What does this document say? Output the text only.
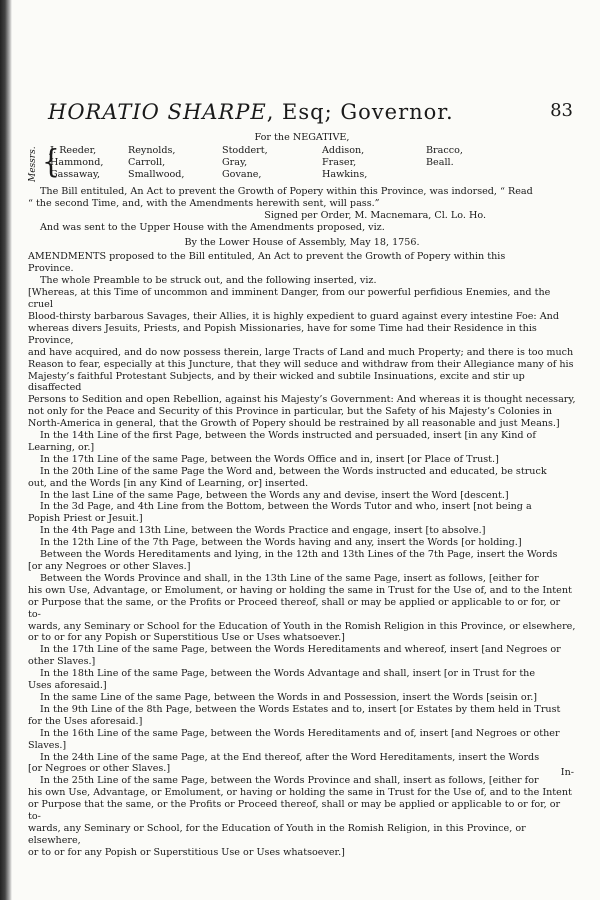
HORATIO SHARPE, Esq; Governor.	83

For the NEGATIVE,

Messrs. {
J. Reeder,	Reynolds,	Stoddert,	Addison,	Bracco,
Hammond,	Carroll,	Gray,	Fraser,	Beall.
Gassaway,	Smallwood,	Govane,	Hawkins,

The Bill entituled, An Act to prevent the Growth of Popery within this Province, was indorsed, “ Read

“ the second Time, and, with the Amendments herewith sent, will pass.”

Signed per Order, M. Macnemara, Cl. Lo. Ho.

And was sent to the Upper House with the Amendments proposed, viz.

By the Lower House of Assembly, May 18, 1756.

AMENDMENTS proposed to the Bill entituled, An Act to prevent the Growth of Popery within this

Province.

The whole Preamble to be struck out, and the following inserted, viz.

[Whereas, at this Time of uncommon and imminent Danger, from our powerful perfidious Enemies, and the cruel

Blood-thirsty barbarous Savages, their Allies, it is highly expedient to guard against every intestine Foe: And

whereas divers Jesuits, Priests, and Popish Missionaries, have for some Time had their Residence in this Province,

and have acquired, and do now possess therein, large Tracts of Land and much Property; and there is too much

Reason to fear, especially at this Juncture, that they will seduce and withdraw from their Allegiance many of his

Majesty’s faithful Protestant Subjects, and by their wicked and subtile Insinuations, excite and stir up disaffected

Persons to Sedition and open Rebellion, against his Majesty’s Government: And whereas it is thought necessary,

not only for the Peace and Security of this Province in particular, but the Safety of his Majesty’s Colonies in

North-America in general, that the Growth of Popery should be restrained by all reasonable and just Means.]

In the 14th Line of the first Page, between the Words instructed and persuaded, insert [in any Kind of

Learning, or.]

In the 17th Line of the same Page, between the Words Office and in, insert [or Place of Trust.]

In the 20th Line of the same Page the Word and, between the Words instructed and educated, be struck

out, and the Words [in any Kind of Learning, or] inserted.

In the last Line of the same Page, between the Words any and devise, insert the Word [descent.]

In the 3d Page, and 4th Line from the Bottom, between the Words Tutor and who, insert [not being a

Popish Priest or Jesuit.]

In the 4th Page and 13th Line, between the Words Practice and engage, insert [to absolve.]

In the 12th Line of the 7th Page, between the Words having and any, insert the Words [or holding.]

Between the Words Hereditaments and lying, in the 12th and 13th Lines of the 7th Page, insert the Words

[or any Negroes or other Slaves.]

Between the Words Province and shall, in the 13th Line of the same Page, insert as follows, [either for

his own Use, Advantage, or Emolument, or having or holding the same in Trust for the Use of, and to the Intent

or Purpose that the same, or the Profits or Proceed thereof, shall or may be applied or applicable to or for, or to-

wards, any Seminary or School for the Education of Youth in the Romish Religion in this Province, or elsewhere,

or to or for any Popish or Superstitious Use or Uses whatsoever.]

In the 17th Line of the same Page, between the Words Hereditaments and whereof, insert [and Negroes or

other Slaves.]

In the 18th Line of the same Page, between the Words Advantage and shall, insert [or in Trust for the

Uses aforesaid.]

In the same Line of the same Page, between the Words in and Possession, insert the Words [seisin or.]

In the 9th Line of the 8th Page, between the Words Estates and to, insert [or Estates by them held in Trust

for the Uses aforesaid.]

In the 16th Line of the same Page, between the Words Hereditaments and of, insert [and Negroes or other

Slaves.]

In the 24th Line of the same Page, at the End thereof, after the Word Hereditaments, insert the Words

[or Negroes or other Slaves.]

In the 25th Line of the same Page, between the Words Province and shall, insert as follows, [either for

his own Use, Advantage, or Emolument, or having or holding the same in Trust for the Use of, and to the Intent

or Purpose that the same, or the Profits or Proceed thereof, shall or may be applied or applicable to or for, or to-

wards, any Seminary or School, for the Education of Youth in the Romish Religion, in this Province, or elsewhere,

or to or for any Popish or Superstitious Use or Uses whatsoever.]

In-
